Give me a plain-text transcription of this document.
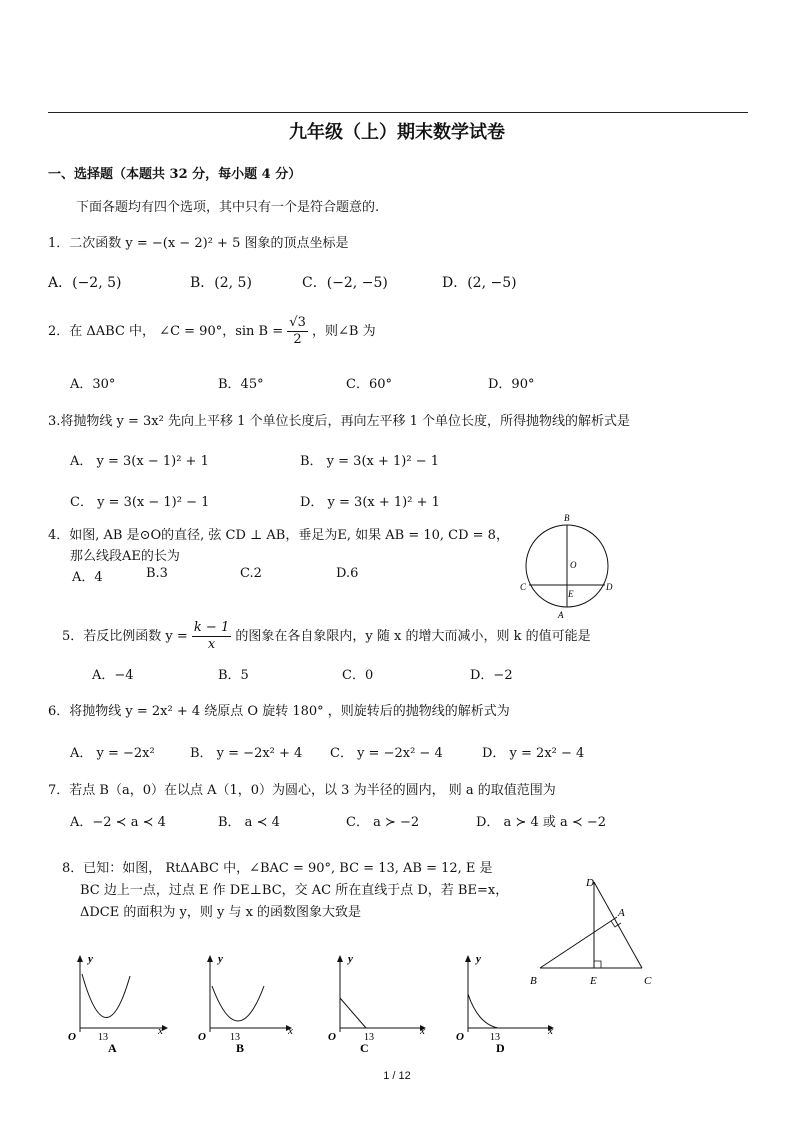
九年级（上）期末数学试卷
一、选择题（本题共 32 分，每小题 4 分）
下面各题均有四个选项，其中只有一个是符合题意的.
1．二次函数 y = −(x − 2)² + 5 图象的顶点坐标是
A．(−2, 5)	B．(2, 5)	C．(−2, −5)	D．(2, −5)
2．在 ΔABC 中， ∠C = 90°，$\sin B = \frac{√3}{2}$ ，则∠B 为
A．30°	B．45°	C．60°	D．90°
3.将抛物线 y = 3x² 先向上平移 1 个单位长度后，再向左平移 1 个单位长度，所得抛物线的解析式是
A． y = 3(x − 1)² + 1	B． y = 3(x + 1)² − 1
C． y = 3(x − 1)² − 1	D． y = 3(x + 1)² + 1
4．如图, AB 是⊙O的直径, 弦 CD ⊥ AB，垂足为E, 如果 AB = 10, CD = 8，
那么线段AE的长为
A．4	B.3	C.2	D.6
B
O
C	D
E
A
5．若反比例函数 $y = \frac{k - 1}{x}$ 的图象在各自象限内，y 随 x 的增大而减小，则 k 的值可能是
A．−4	B．5	C．0	D．−2
6．将抛物线 y = 2x² + 4 绕原点 O 旋转 180° ，则旋转后的抛物线的解析式为
A． y = −2x²	B． y = −2x² + 4 C． y = −2x² − 4	D． y = 2x² − 4
7．若点 B（a，0）在以点 A（1，0）为圆心，以 3 为半径的圆内， 则 a 的取值范围为
A．−2 ≺ a ≺ 4	B． a ≺ 4	C． a ≻ −2	D． a ≻ 4 或 a ≺ −2
8．已知：如图， RtΔABC 中，∠BAC = 90°, BC = 13, AB = 12, E 是
BC 边上一点，过点 E 作 DE⊥BC，交 AC 所在直线于点 D，若 BE=x，
ΔDCE 的面积为 y，则 y 与 x 的函数图象大致是
D
A
B	E	C
y
x
O 13
A
y
x
O 13
B
y
x
O	13
C
y
x
O	13
D
1 / 12
